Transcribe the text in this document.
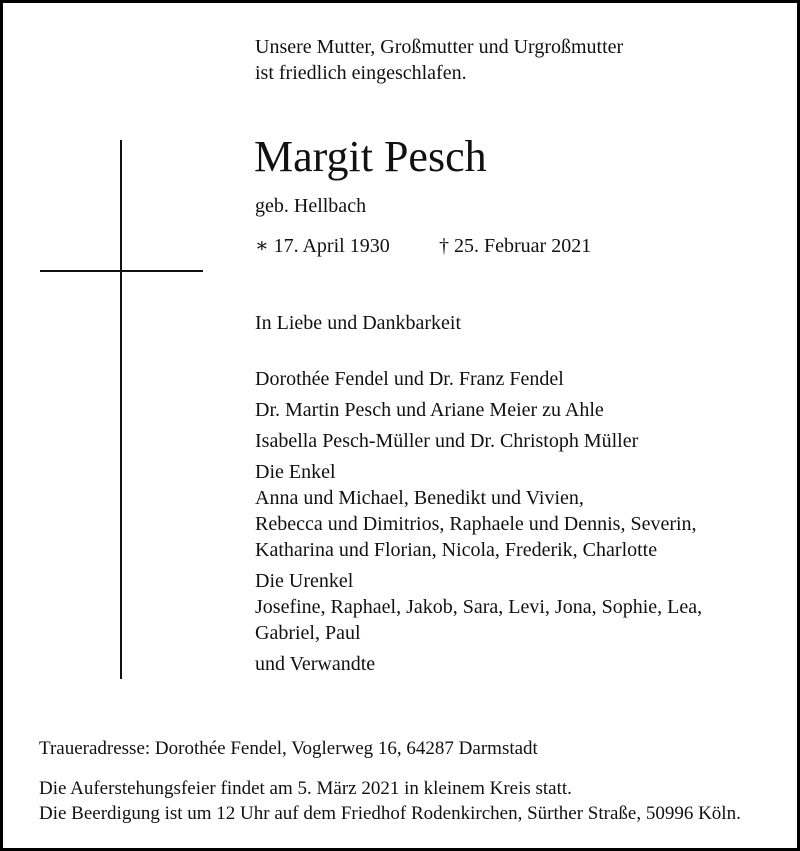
Unsere Mutter, Großmutter und Urgroßmutter
ist friedlich eingeschlafen.
Margit Pesch
geb. Hellbach
∗ 17. April 1930 † 25. Februar 2021
In Liebe und Dankbarkeit
Dorothée Fendel und Dr. Franz Fendel
Dr. Martin Pesch und Ariane Meier zu Ahle
Isabella Pesch-Müller und Dr. Christoph Müller
Die Enkel
Anna und Michael, Benedikt und Vivien,
Rebecca und Dimitrios, Raphaele und Dennis, Severin,
Katharina und Florian, Nicola, Frederik, Charlotte
Die Urenkel
Josefine, Raphael, Jakob, Sara, Levi, Jona, Sophie, Lea,
Gabriel, Paul
und Verwandte
Traueradresse: Dorothée Fendel, Voglerweg 16, 64287 Darmstadt
Die Auferstehungsfeier findet am 5. März 2021 in kleinem Kreis statt.
Die Beerdigung ist um 12 Uhr auf dem Friedhof Rodenkirchen, Sürther Straße, 50996 Köln.
